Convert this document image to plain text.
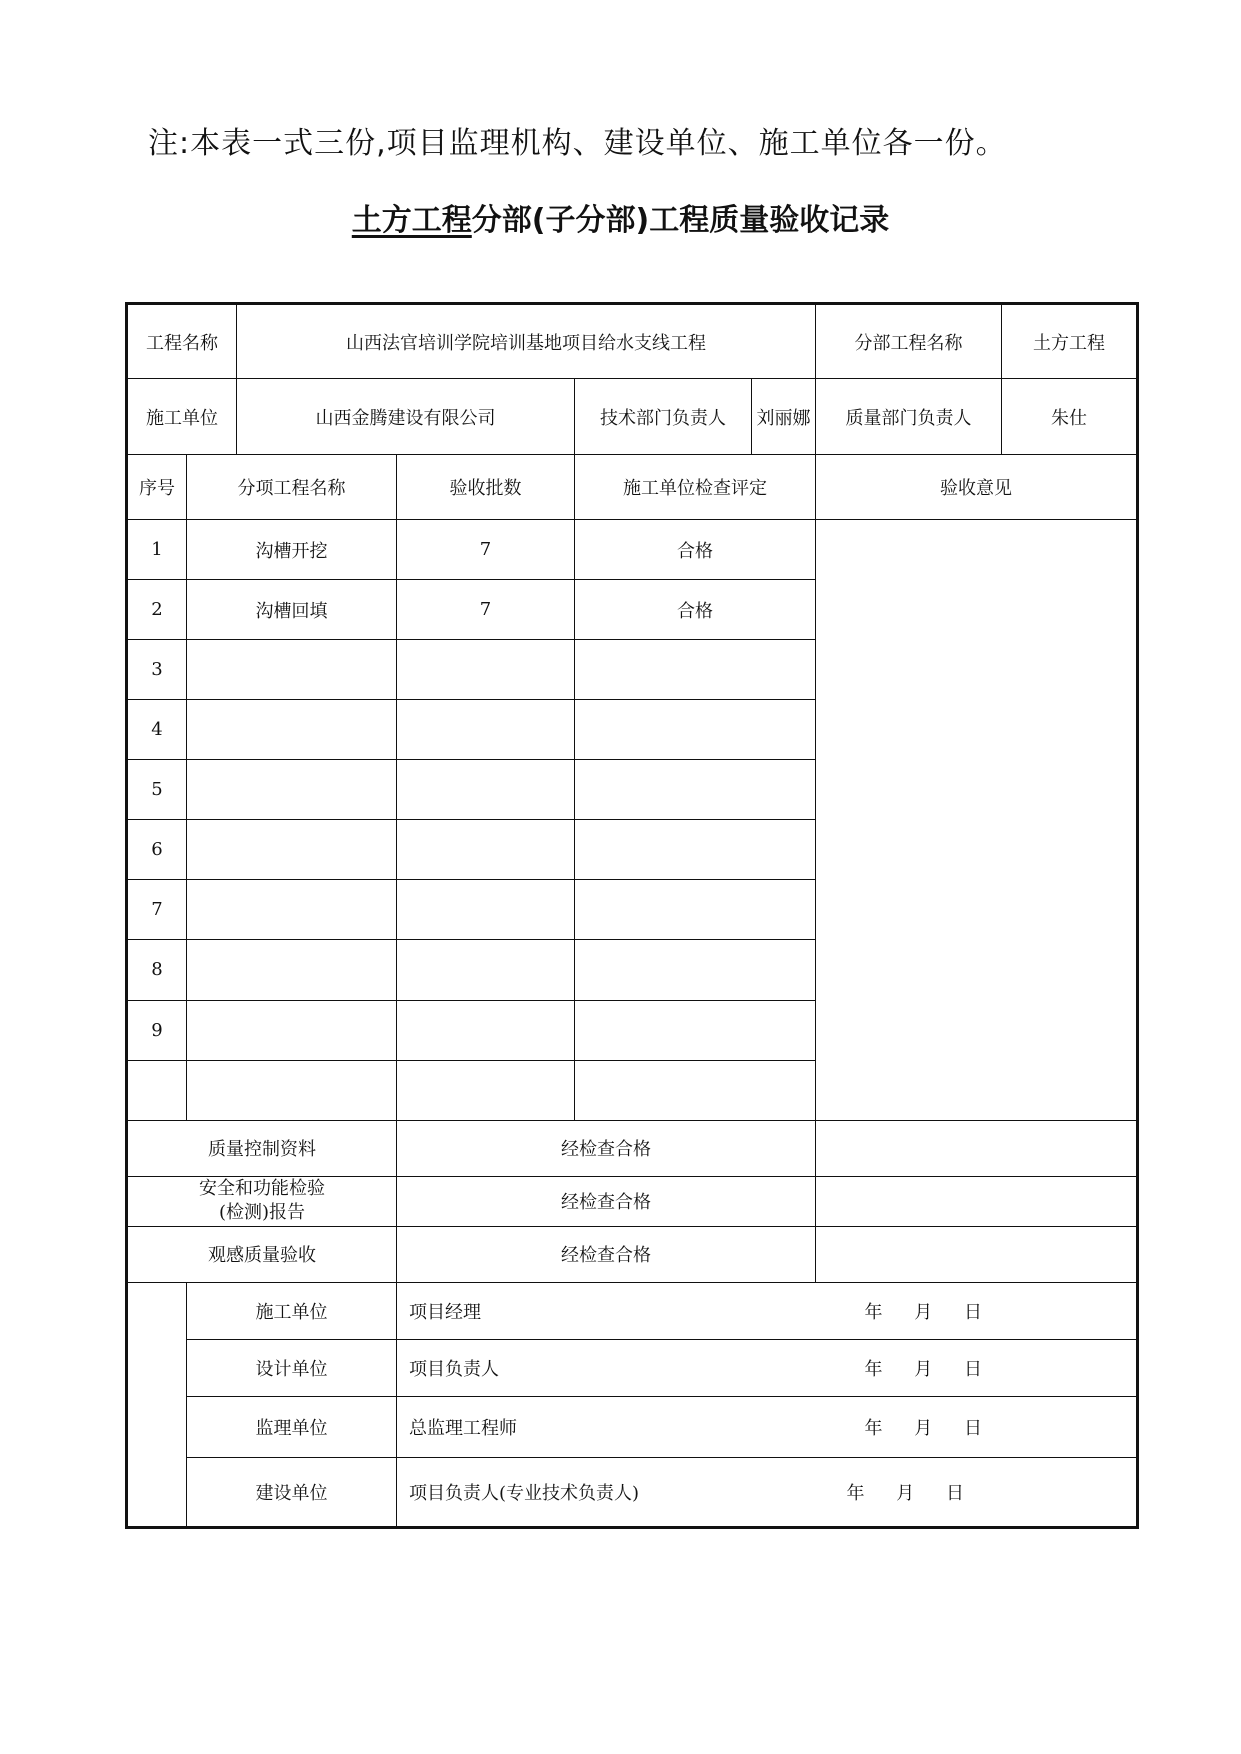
注:本表一式三份,项目监理机构、建设单位、施工单位各一份。
土方工程分部(子分部)工程质量验收记录
工程名称		山西法官培训学院培训基地项目给水支线工程			分部工程名称	土方工程
施工单位		山西金腾建设有限公司		技术部门负责人 刘丽娜	质量部门负责人	朱仕
序号	分项工程名称		验收批数	施工单位检查评定	验收意见	
1	沟槽开挖		7	合格		
2	沟槽回填		7	合格		
3						
4						
5						
6						
7						
8						
9						

质量控制资料			经检查合格			

安全和功能检验
(检测)报告			经检查合格			
观感质量验收			经检查合格			
	施工单位		项目经理 年 月 日			

	设计单位		项目负责人 年 月 日			

	监理单位		总监理工程师 年 月 日			

	建设单位		项目负责人(专业技术负责人) 年 月 日			
